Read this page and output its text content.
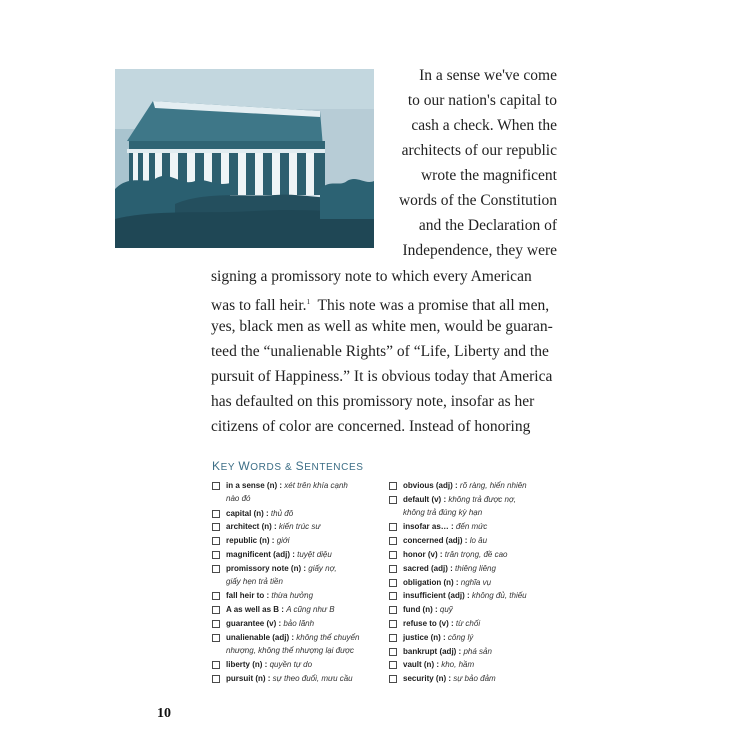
In a sense we've come
to our nation's capital to
cash a check. When the
architects of our republic
wrote the magnificent
words of the Constitution
and the Declaration of
Independence, they were
signing a promissory note to which every American
was to fall heir.$^1$  This note was a promise that all men,
yes, black men as well as white men, would be guaran-
teed the “unalienable Rights” of “Life, Liberty and the
pursuit of Happiness.” It is obvious today that America
has defaulted on this promissory note, insofar as her
citizens of color are concerned. Instead of honoring
KEY WORDS & SENTENCES
in a sense (n) : xét trên khía cạnh
nào đó
capital (n) : thủ đô
architect (n) : kiến trúc sư
republic (n) : giới
magnificent (adj) : tuyệt diệu
promissory note (n) : giấy nợ,
giấy hẹn trả tiền
fall heir to : thừa hưởng
A as well as B : A cũng như B
guarantee (v) : bảo lãnh
unalienable (adj) : không thể chuyển
nhượng, không thể nhượng lại được
liberty (n) : quyền tự do
pursuit (n) : sự theo đuổi, mưu cầu
obvious (adj) : rõ ràng, hiển nhiên
default (v) : không trả được nợ,
không trả đúng kỳ hạn
insofar as… : đến mức
concerned (adj) : lo âu
honor (v) : trân trọng, đề cao
sacred (adj) : thiêng liêng
obligation (n) : nghĩa vụ
insufficient (adj) : không đủ, thiếu
fund (n) : quỹ
refuse to (v) : từ chối
justice (n) : công lý
bankrupt (adj) : phá sản
vault (n) : kho, hầm
security (n) : sự bảo đảm
10
